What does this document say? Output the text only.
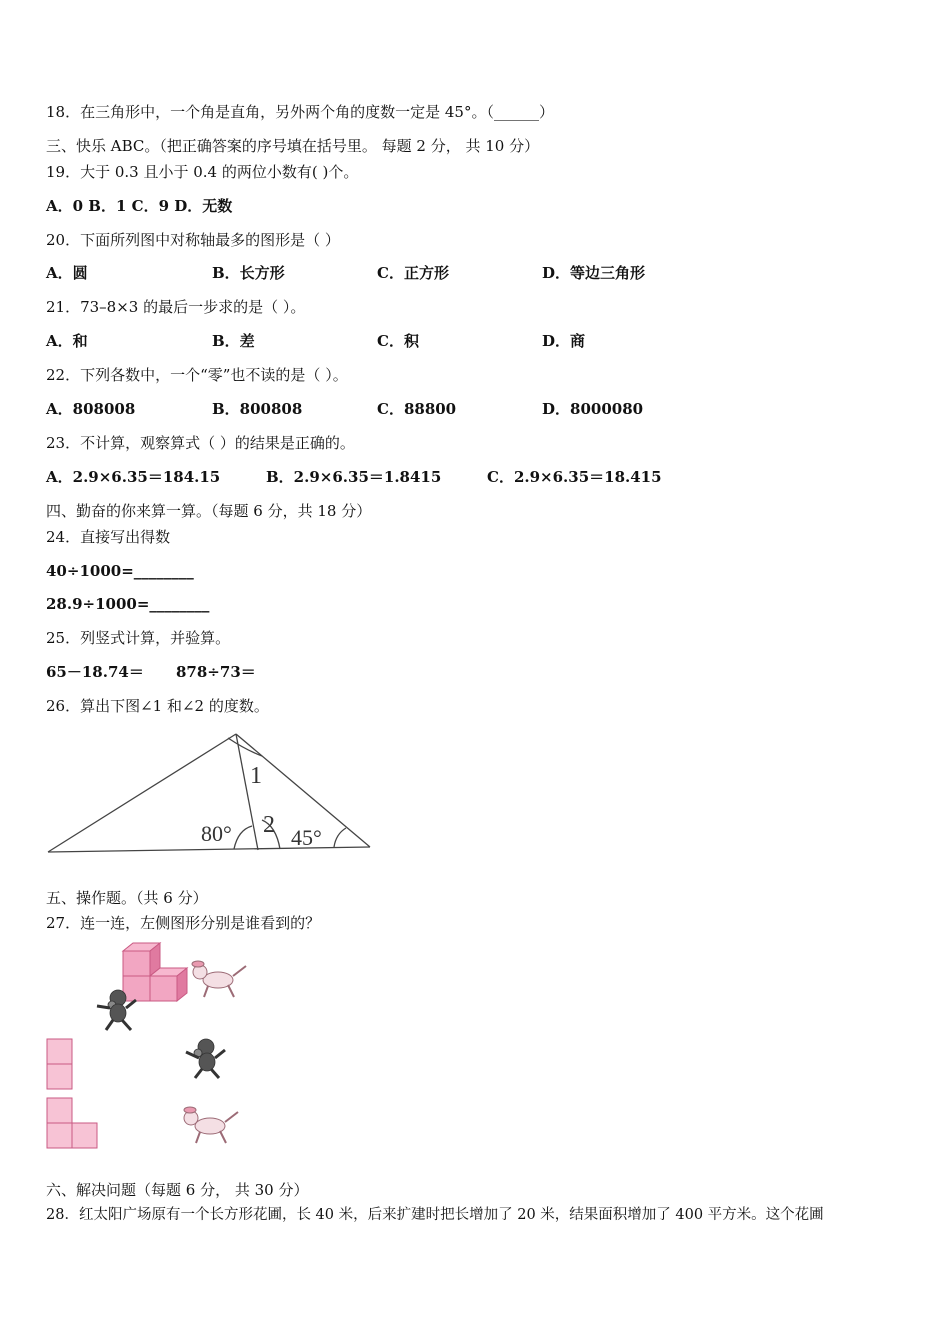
18．在三角形中，一个角是直角，另外两个角的度数一定是 45°。（______）
三、快乐 ABC。（把正确答案的序号填在括号里。 每题 2 分， 共 10 分）
19．大于 0.3 且小于 0.4 的两位小数有( )个。
A．0 B．1 C．9 D．无数
20．下面所列图中对称轴最多的图形是（ ）
A．圆	B．长方形	C．正方形	D．等边三角形
21．73–8×3 的最后一步求的是（ ）。
A．和	B．差	C．积	D．商
22．下列各数中，一个“零”也不读的是（ ）。
A．808008	B．800808	C．88800	D．8000080
23．不计算，观察算式（ ）的结果是正确的。
A．2.9×6.35＝184.15	B．2.9×6.35＝1.8415	C．2.9×6.35＝18.415
四、勤奋的你来算一算。（每题 6 分，共 18 分）
24．直接写出得数
40÷1000=________
28.9÷1000=________
25．列竖式计算，并验算。
65－18.74＝ 878÷73＝
26．算出下图∠1 和∠2 的度数。
1
2
80°	45°
五、操作题。（共 6 分）
27．连一连，左侧图形分别是谁看到的？
六、解决问题（每题 6 分， 共 30 分）
28．红太阳广场原有一个长方形花圃，长 40 米，后来扩建时把长增加了 20 米，结果面积增加了 400 平方米。这个花圃
